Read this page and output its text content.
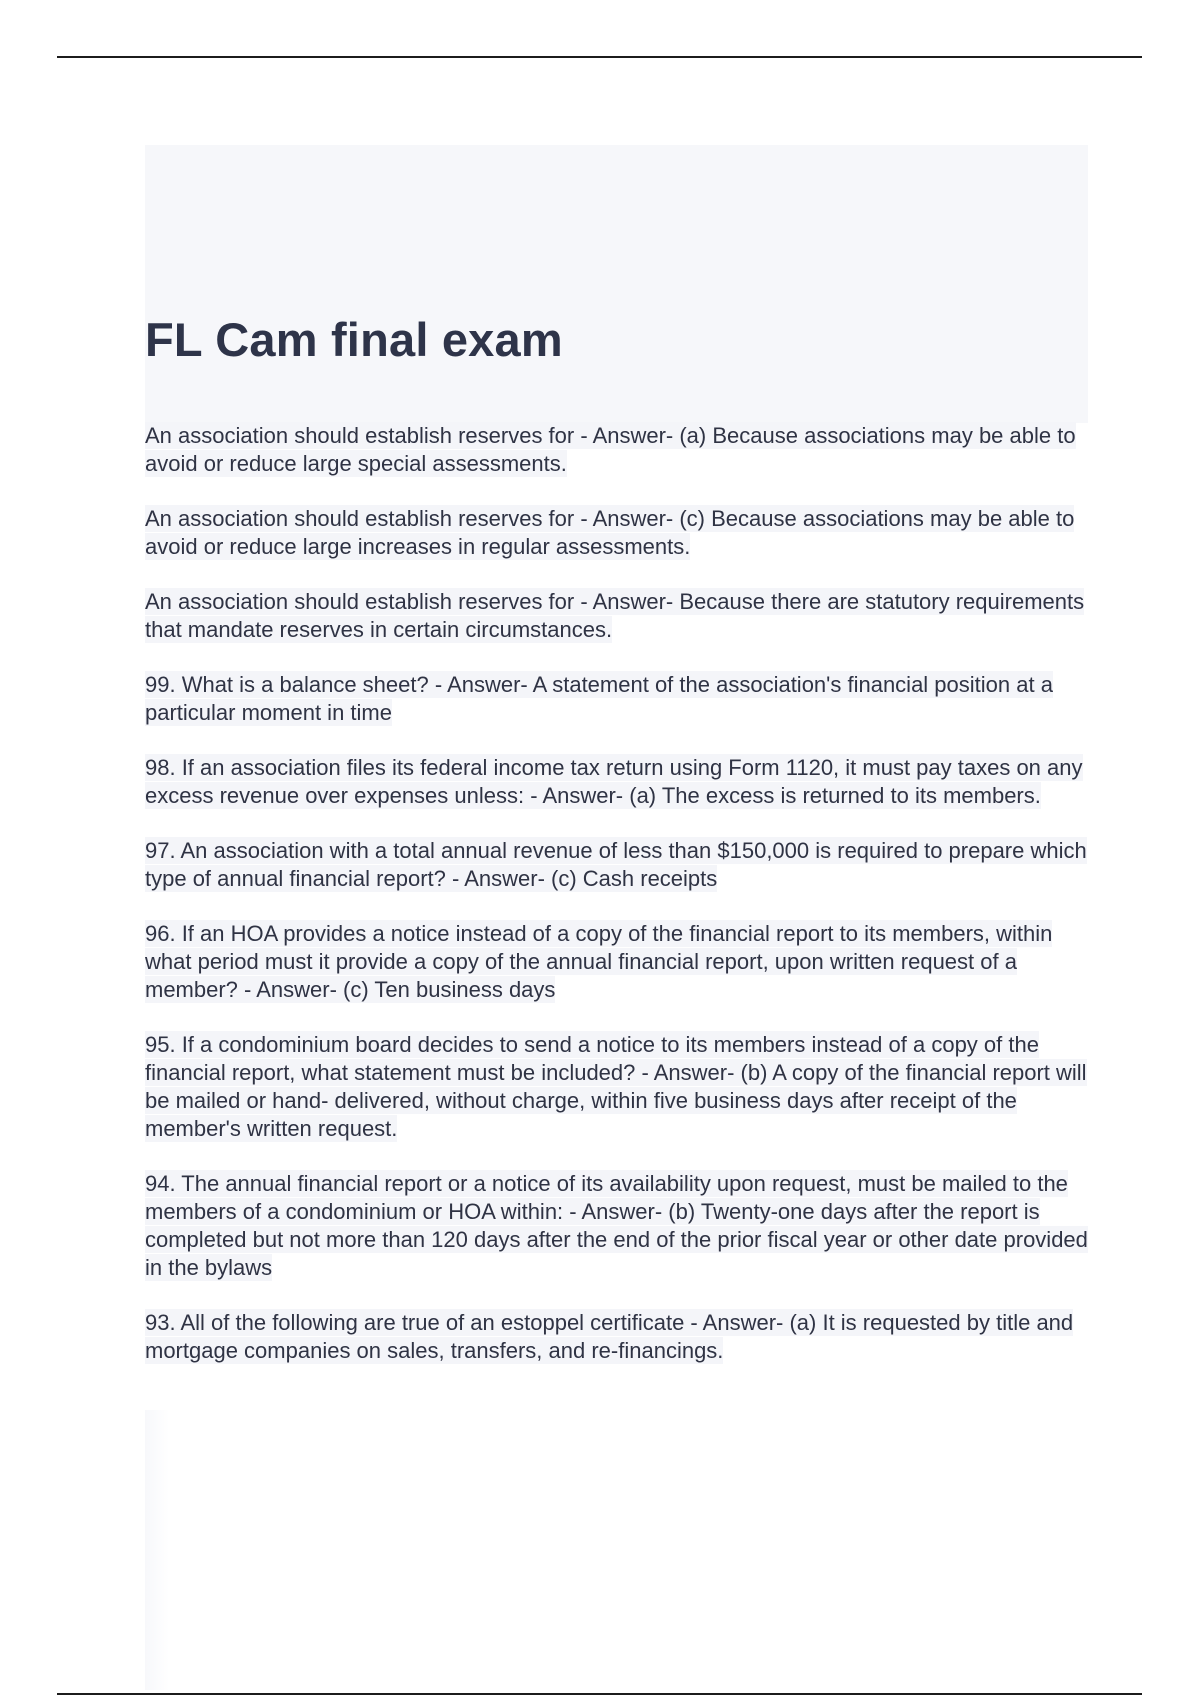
FL Cam final exam
An association should establish reserves for - Answer- (a) Because associations may be able to avoid or reduce large special assessments.
An association should establish reserves for - Answer- (c) Because associations may be able to avoid or reduce large increases in regular assessments.
An association should establish reserves for - Answer- Because there are statutory requirements that mandate reserves in certain circumstances.
99. What is a balance sheet? - Answer- A statement of the association's financial position at a particular moment in time
98. If an association files its federal income tax return using Form 1120, it must pay taxes on any excess revenue over expenses unless: - Answer- (a) The excess is returned to its members.
97. An association with a total annual revenue of less than $150,000 is required to prepare which type of annual financial report? - Answer- (c) Cash receipts
96. If an HOA provides a notice instead of a copy of the financial report to its members, within what period must it provide a copy of the annual financial report, upon written request of a member? - Answer- (c) Ten business days
95. If a condominium board decides to send a notice to its members instead of a copy of the financial report, what statement must be included? - Answer- (b) A copy of the financial report will be mailed or hand- delivered, without charge, within five business days after receipt of the member's written request.
94. The annual financial report or a notice of its availability upon request, must be mailed to the members of a condominium or HOA within: - Answer- (b) Twenty-one days after the report is completed but not more than 120 days after the end of the prior fiscal year or other date provided in the bylaws
93. All of the following are true of an estoppel certificate - Answer- (a) It is requested by title and mortgage companies on sales, transfers, and re-financings.
